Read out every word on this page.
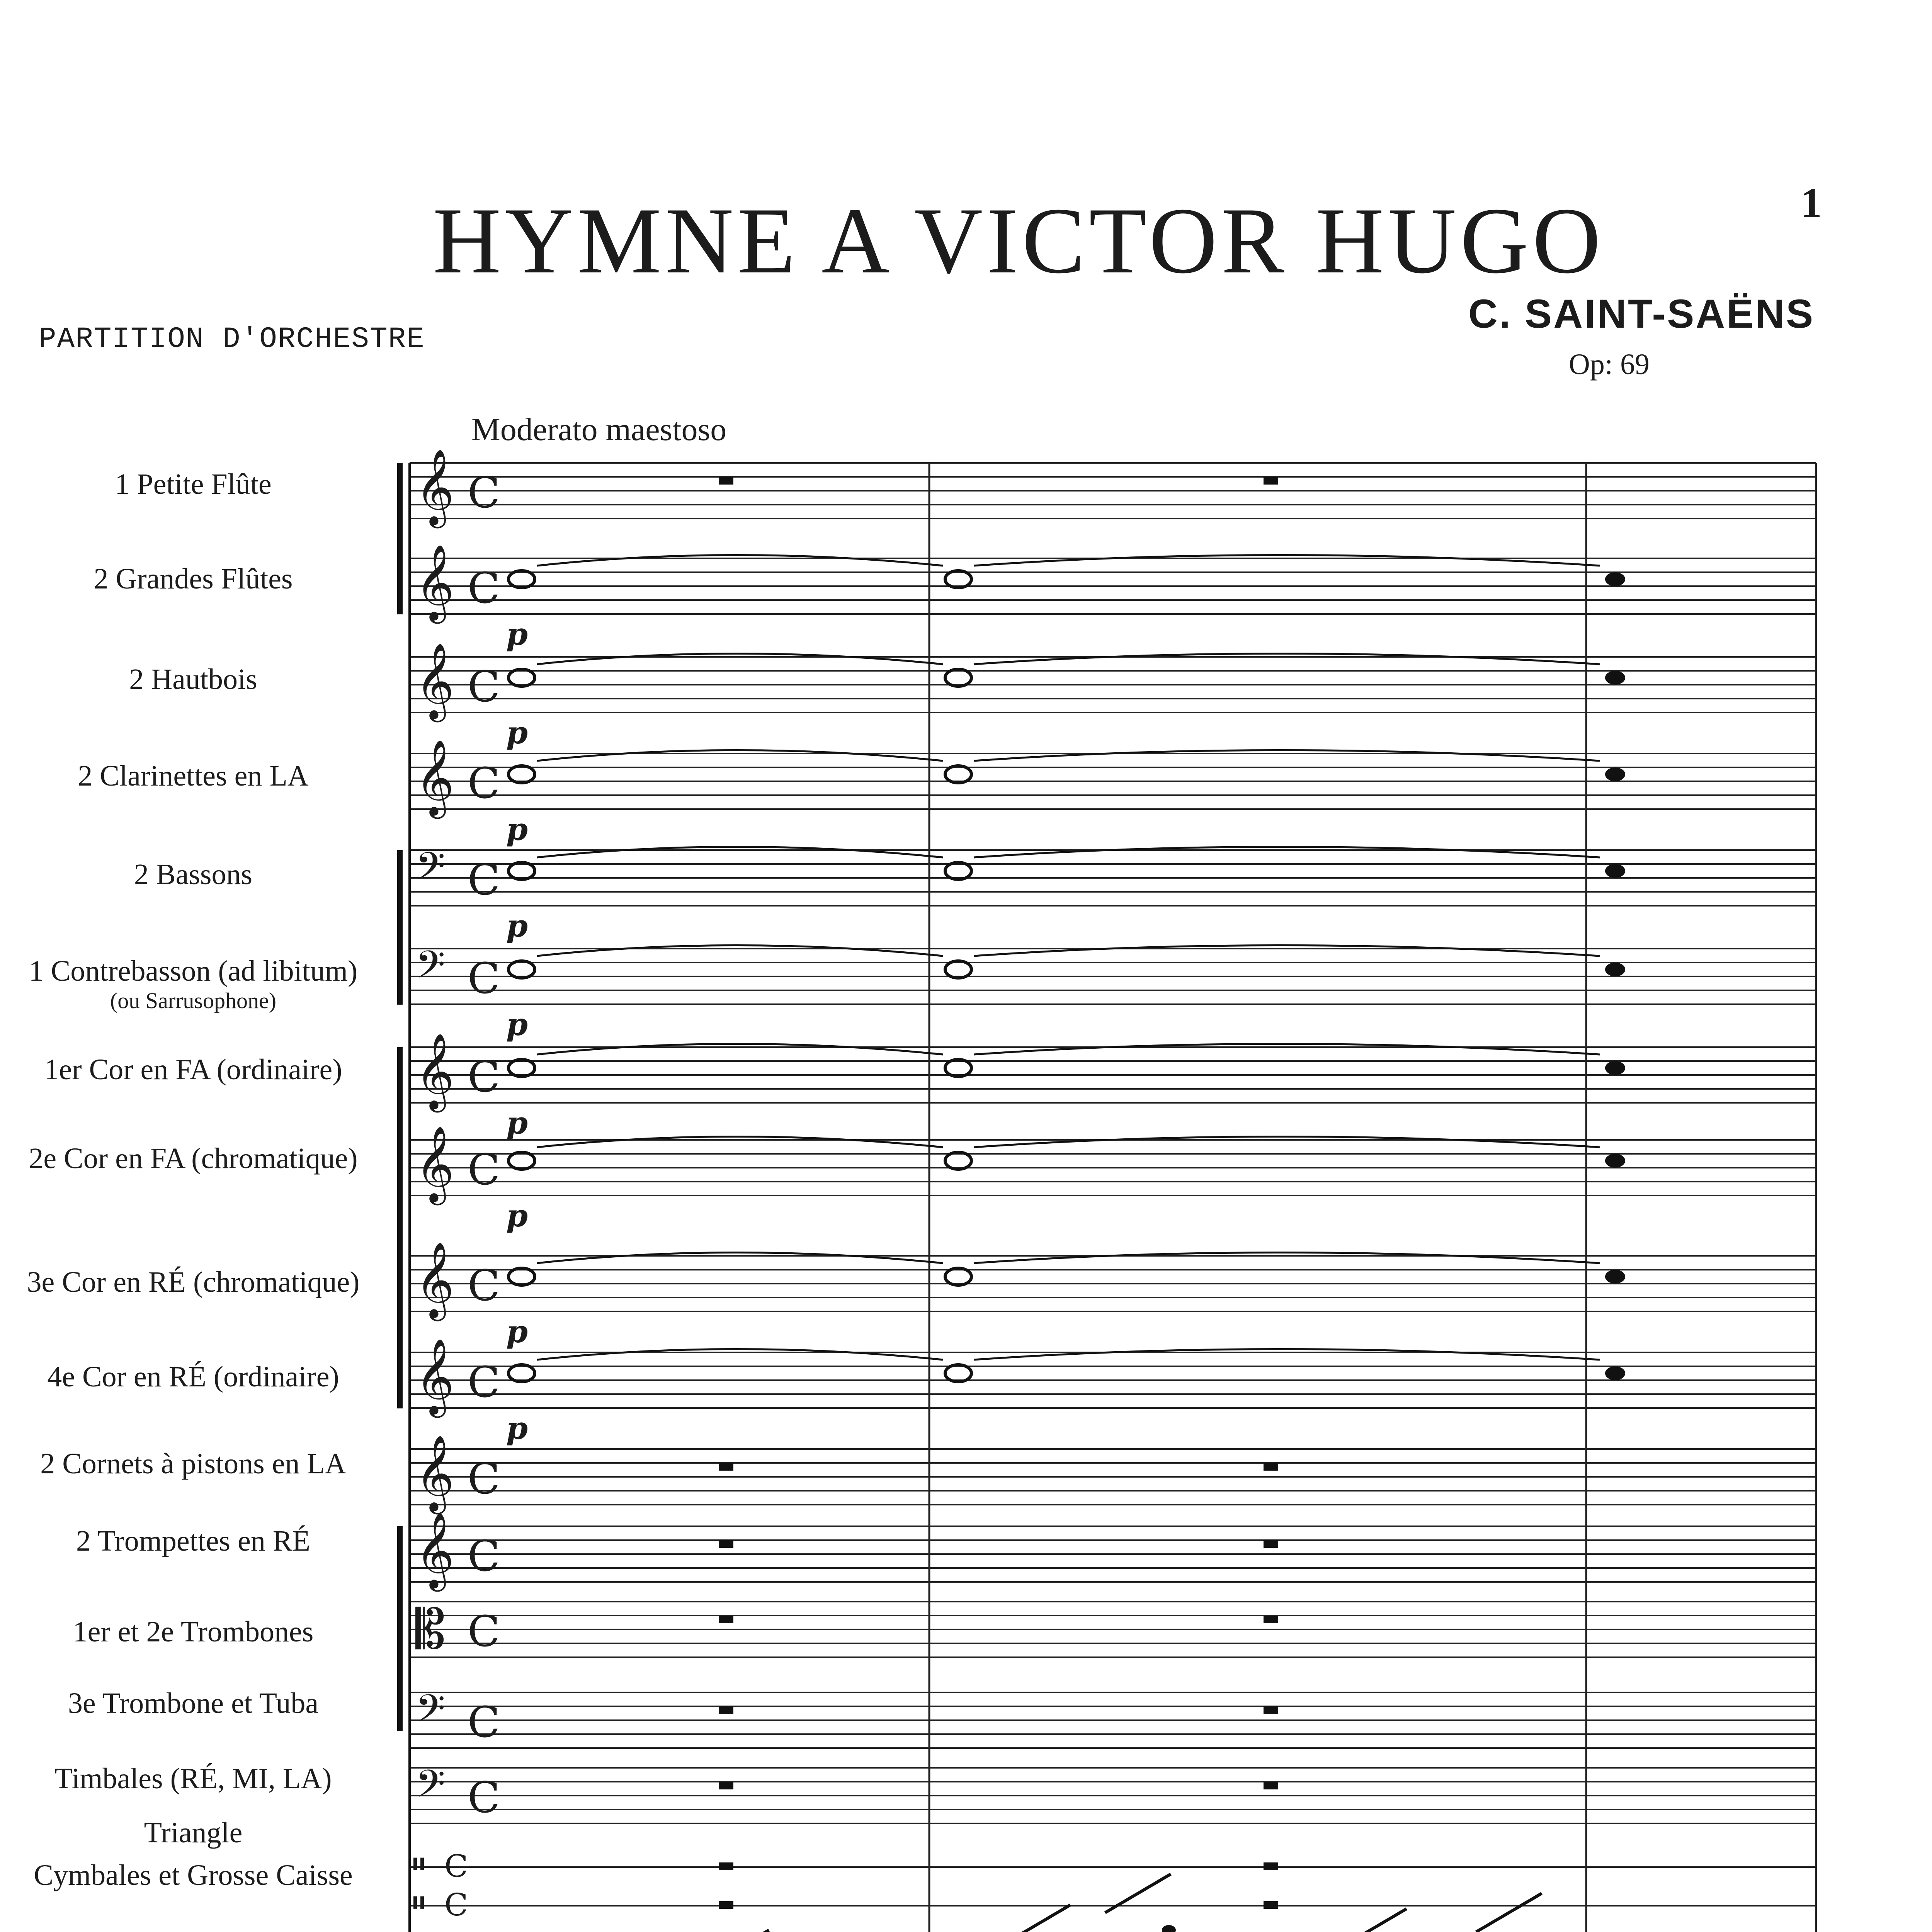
1
HYMNE A VICTOR HUGO
PARTITION D'ORCHESTRE
C. SAINT-SAËNS
Op: 69
Moderato maestoso
1 Petite Flûte
2 Grandes Flûtes
2 Hautbois
2 Clarinettes en LA
2 Bassons
1 Contrebasson (ad libitum)
(ou Sarrusophone)
1er Cor en FA (ordinaire)
2e Cor en FA (chromatique)
3e Cor en RÉ (chromatique)
4e Cor en RÉ (ordinaire)
2 Cornets à pistons en LA
2 Trompettes en RÉ
1er et 2e Trombones
3e Trombone et Tuba
Timbales (RÉ, MI, LA)
Triangle
Cymbales et Grosse Caisse
𝄞 C
𝄞 C
𝄞 C
𝄞 C
𝄢 C
𝄢 C
𝄞 C
𝄞 C
𝄞 C
𝄞 C
𝄞 C
𝄞 C
𝄡 C
𝄢 C
𝄢 C
𝄥 C
𝄥 C
p
p
p
p
p
p
p
p
p
